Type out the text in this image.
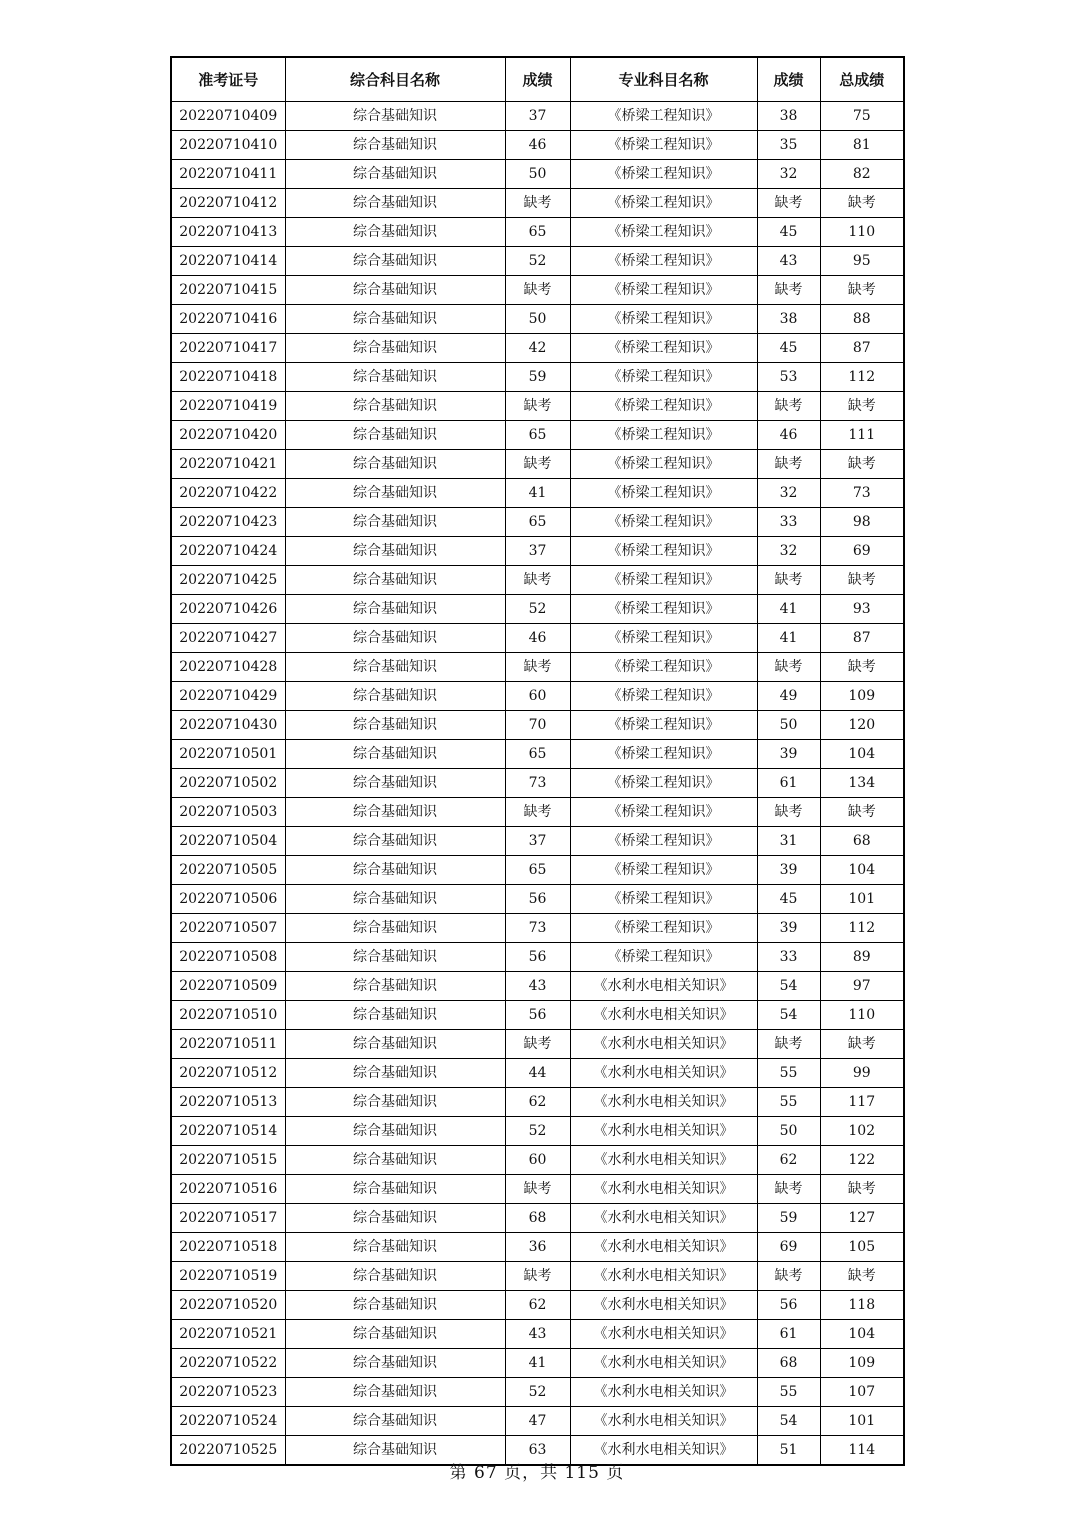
准考证号	综合科目名称	成绩	专业科目名称	成绩	总成绩
20220710409	综合基础知识	37	《桥梁工程知识》	38	75
20220710410	综合基础知识	46	《桥梁工程知识》	35	81
20220710411	综合基础知识	50	《桥梁工程知识》	32	82
20220710412	综合基础知识	缺考	《桥梁工程知识》	缺考	缺考
20220710413	综合基础知识	65	《桥梁工程知识》	45	110
20220710414	综合基础知识	52	《桥梁工程知识》	43	95
20220710415	综合基础知识	缺考	《桥梁工程知识》	缺考	缺考
20220710416	综合基础知识	50	《桥梁工程知识》	38	88
20220710417	综合基础知识	42	《桥梁工程知识》	45	87
20220710418	综合基础知识	59	《桥梁工程知识》	53	112
20220710419	综合基础知识	缺考	《桥梁工程知识》	缺考	缺考
20220710420	综合基础知识	65	《桥梁工程知识》	46	111
20220710421	综合基础知识	缺考	《桥梁工程知识》	缺考	缺考
20220710422	综合基础知识	41	《桥梁工程知识》	32	73
20220710423	综合基础知识	65	《桥梁工程知识》	33	98
20220710424	综合基础知识	37	《桥梁工程知识》	32	69
20220710425	综合基础知识	缺考	《桥梁工程知识》	缺考	缺考
20220710426	综合基础知识	52	《桥梁工程知识》	41	93
20220710427	综合基础知识	46	《桥梁工程知识》	41	87
20220710428	综合基础知识	缺考	《桥梁工程知识》	缺考	缺考
20220710429	综合基础知识	60	《桥梁工程知识》	49	109
20220710430	综合基础知识	70	《桥梁工程知识》	50	120
20220710501	综合基础知识	65	《桥梁工程知识》	39	104
20220710502	综合基础知识	73	《桥梁工程知识》	61	134
20220710503	综合基础知识	缺考	《桥梁工程知识》	缺考	缺考
20220710504	综合基础知识	37	《桥梁工程知识》	31	68
20220710505	综合基础知识	65	《桥梁工程知识》	39	104
20220710506	综合基础知识	56	《桥梁工程知识》	45	101
20220710507	综合基础知识	73	《桥梁工程知识》	39	112
20220710508	综合基础知识	56	《桥梁工程知识》	33	89
20220710509	综合基础知识	43	《水利水电相关知识》	54	97
20220710510	综合基础知识	56	《水利水电相关知识》	54	110
20220710511	综合基础知识	缺考	《水利水电相关知识》	缺考	缺考
20220710512	综合基础知识	44	《水利水电相关知识》	55	99
20220710513	综合基础知识	62	《水利水电相关知识》	55	117
20220710514	综合基础知识	52	《水利水电相关知识》	50	102
20220710515	综合基础知识	60	《水利水电相关知识》	62	122
20220710516	综合基础知识	缺考	《水利水电相关知识》	缺考	缺考
20220710517	综合基础知识	68	《水利水电相关知识》	59	127
20220710518	综合基础知识	36	《水利水电相关知识》	69	105
20220710519	综合基础知识	缺考	《水利水电相关知识》	缺考	缺考
20220710520	综合基础知识	62	《水利水电相关知识》	56	118
20220710521	综合基础知识	43	《水利水电相关知识》	61	104
20220710522	综合基础知识	41	《水利水电相关知识》	68	109
20220710523	综合基础知识	52	《水利水电相关知识》	55	107
20220710524	综合基础知识	47	《水利水电相关知识》	54	101
20220710525	综合基础知识	63	《水利水电相关知识》	51	114
第 67 页，共 115 页
